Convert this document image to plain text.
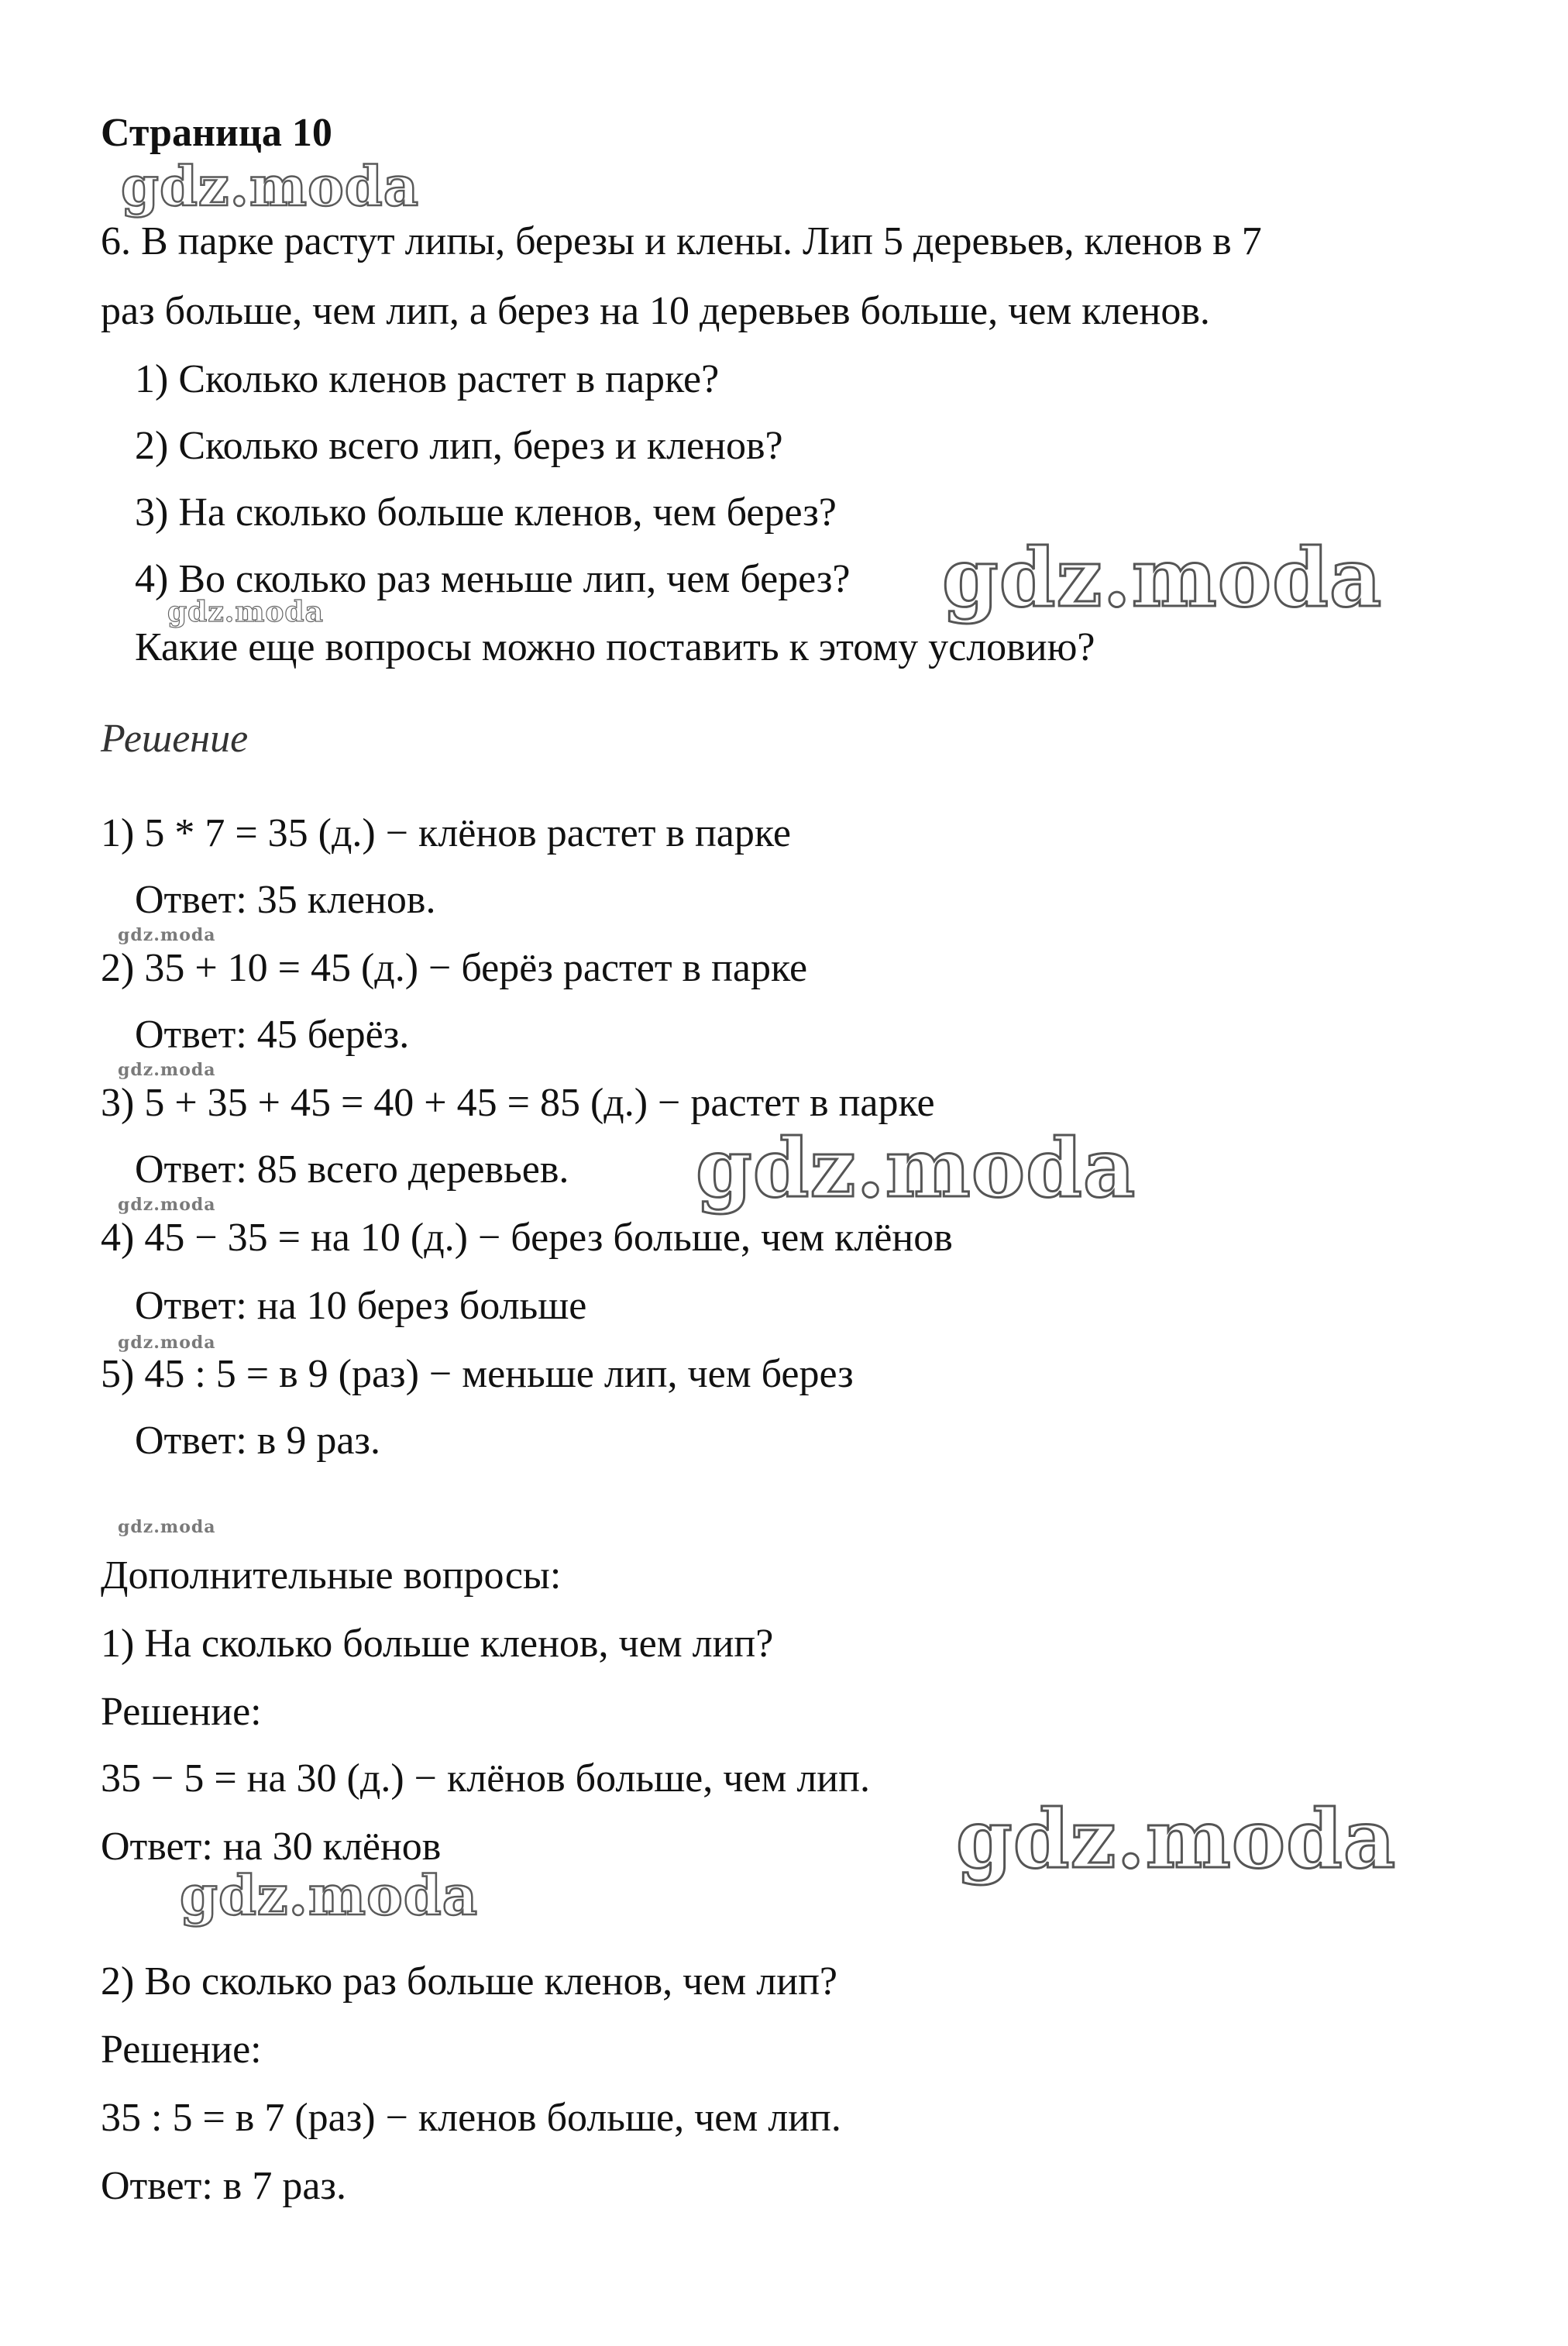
Страница 10
6. В парке растут липы, березы и клены. Лип 5 деревьев, кленов в 7
раз больше, чем лип, а берез на 10 деревьев больше, чем кленов.
1) Сколько кленов растет в парке?
2) Сколько всего лип, берез и кленов?
3) На сколько больше кленов, чем берез?
4) Во сколько раз меньше лип, чем берез?
Какие еще вопросы можно поставить к этому условию?
Решение
1) 5 * 7 = 35 (д.) − клёнов растет в парке
Ответ: 35 кленов.
2) 35 + 10 = 45 (д.) − берёз растет в парке
Ответ: 45 берёз.
3) 5 + 35 + 45 = 40 + 45 = 85 (д.) − растет в парке
Ответ: 85 всего деревьев.
4) 45 − 35 = на 10 (д.) − берез больше, чем клёнов
Ответ: на 10 берез больше
5) 45 : 5 = в 9 (раз) − меньше лип, чем берез
Ответ: в 9 раз.
Дополнительные вопросы:
1) На сколько больше кленов, чем лип?
Решение:
35 − 5 = на 30 (д.) − клёнов больше, чем лип.
Ответ: на 30 клёнов
2) Во сколько раз больше кленов, чем лип?
Решение:
35 : 5 = в 7 (раз) − кленов больше, чем лип.
Ответ: в 7 раз.
gdz.moda
gdz.moda
gdz.moda
gdz.moda
gdz.moda
gdz.moda
gdz.moda
gdz.moda
gdz.moda
gdz.moda
gdz.moda
